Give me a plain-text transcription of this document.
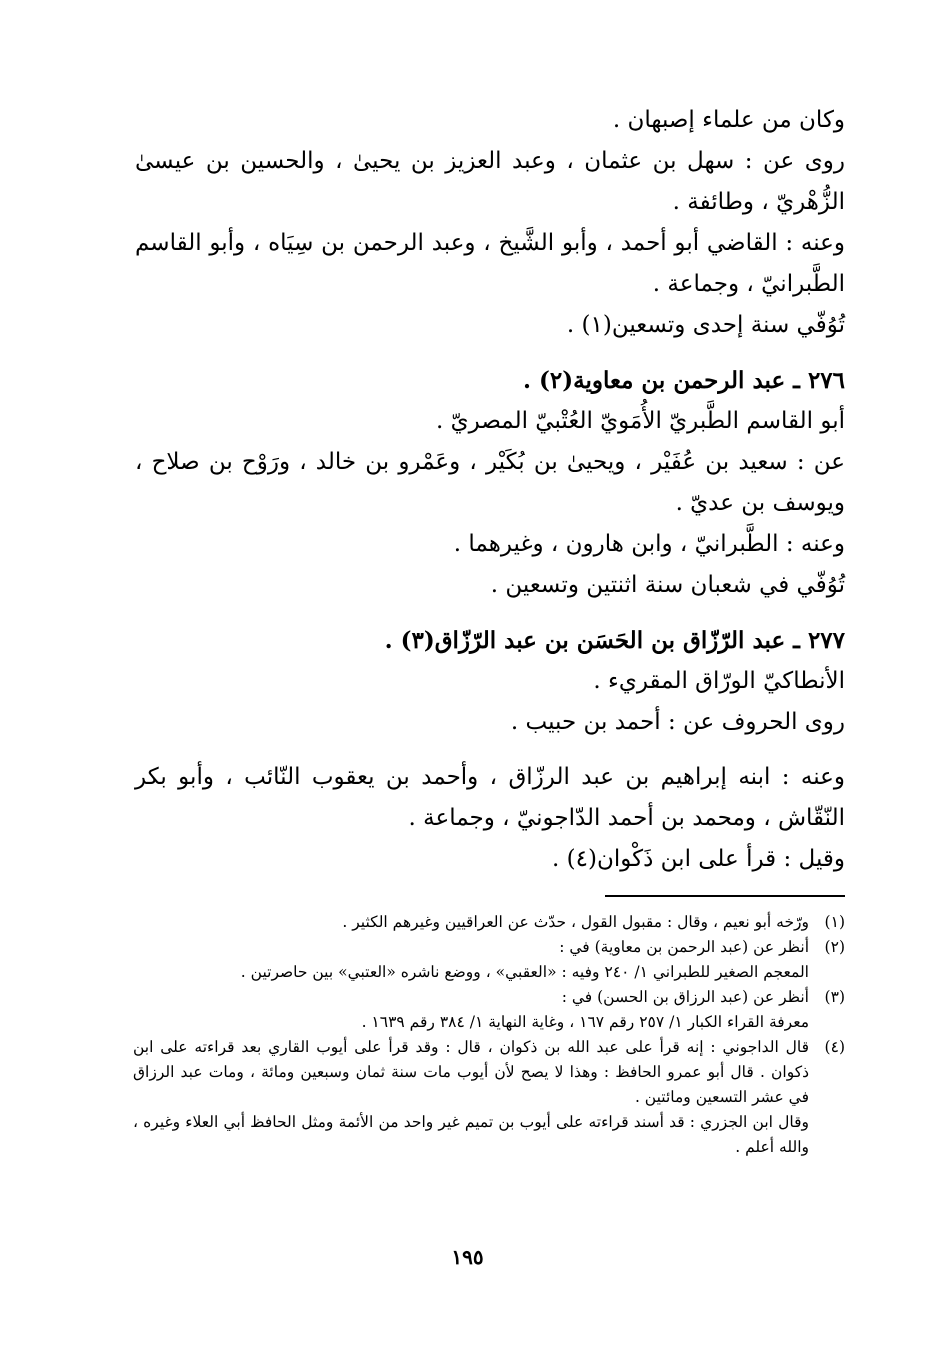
وكان من علماء إصبهان .

روى عن : سهل بن عثمان ، وعبد العزيز بن يحيىٰ ، والحسين بن عيسىٰ الزُّهْريّ ، وطائفة .

وعنه : القاضي أبو أحمد ، وأبو الشَّيخ ، وعبد الرحمن بن سِيَاه ، وأبو القاسم الطَّبرانيّ ، وجماعة .

تُوُفّي سنة إحدى وتسعين(١) .

٢٧٦ ـ عبد الرحمن بن معاوية(٢) .

أبو القاسم الطَّبريّ الأُمَويّ العُتْبيّ المصريّ .

عن : سعيد بن عُفَيْر ، ويحيىٰ بن بُكَيْر ، وعَمْرو بن خالد ، ورَوْح بن صلاح ، ويوسف بن عديّ .

وعنه : الطَّبرانيّ ، وابن هارون ، وغيرهما .

تُوُفّي في شعبان سنة اثنتين وتسعين .

٢٧٧ ـ عبد الرّزّاق بن الحَسَن بن عبد الرّزّاق(٣) .

الأنطاكيّ الورّاق المقريء .

روى الحروف عن : أحمد بن حبيب .

وعنه : ابنه إبراهيم بن عبد الرزّاق ، وأحمد بن يعقوب النّائب ، وأبو بكر النّقّاش ، ومحمد بن أحمد الدّاجونيّ ، وجماعة .

وقيل : قرأ على ابن ذَكْوان(٤) .

(١)

ورّخه أبو نعيم ، وقال : مقبول القول ، حدّث عن العراقيين وغيرهم الكثير .

(٢)

أنظر عن (عبد الرحمن بن معاوية) في :

المعجم الصغير للطبراني ١/ ٢٤٠ وفيه : «العقبي» ، ووضع ناشره «العتبي» بين حاصرتين .

(٣)

أنظر عن (عبد الرزاق بن الحسن) في :

معرفة القراء الكبار ١/ ٢٥٧ رقم ١٦٧ ، وغاية النهاية ١/ ٣٨٤ رقم ١٦٣٩ .

(٤)

قال الداجوني : إنه قرأ على عبد الله بن ذكوان ، قال : وقد قرأ على أيوب القاري بعد قراءته على ابن ذكوان . قال أبو عمرو الحافظ : وهذا لا يصح لأن أيوب مات سنة ثمان وسبعين ومائة ، ومات عبد الرزاق في عشر التسعين ومائتين .

وقال ابن الجزري : قد أسند قراءته على أيوب بن تميم غير واحد من الأئمة ومثل الحافظ أبي العلاء وغيره ، والله أعلم .

١٩٥
